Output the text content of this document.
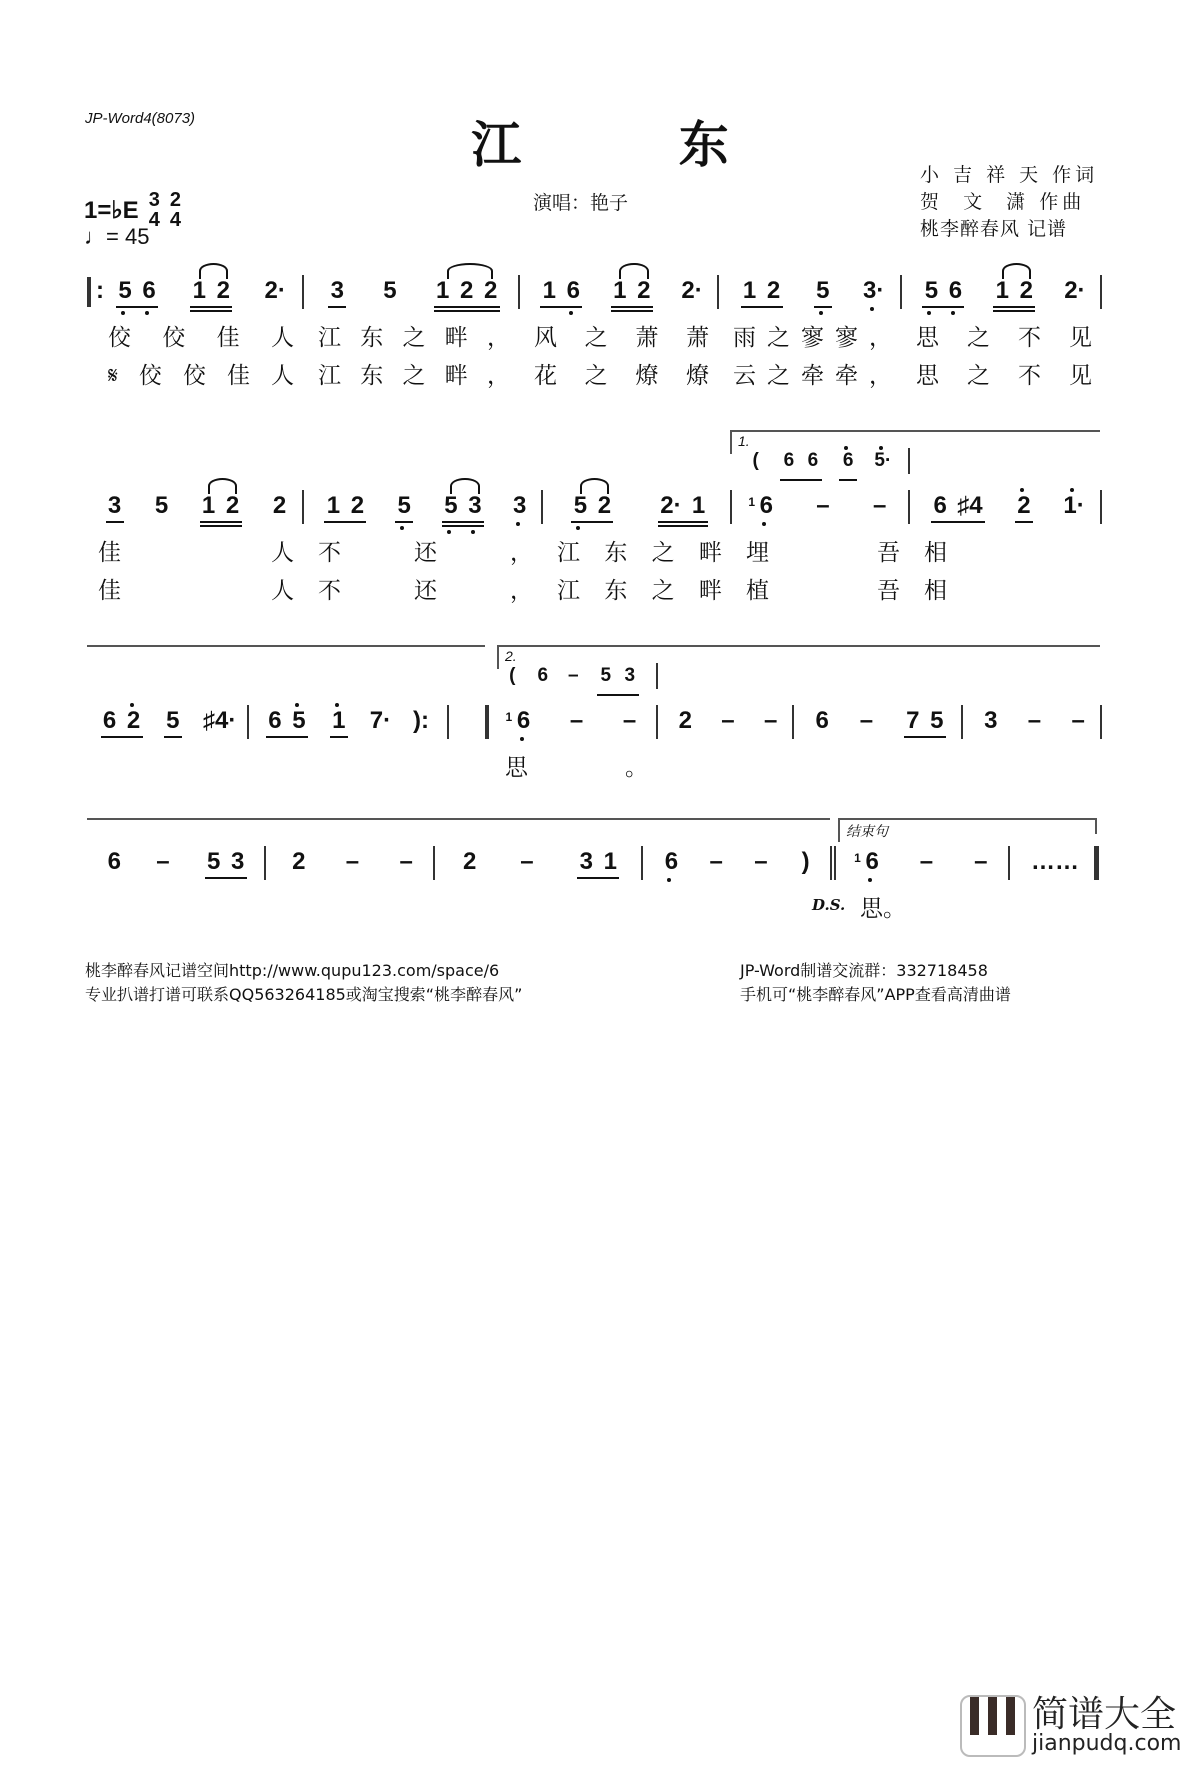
JP-Word4(8073)	江 东
演唱：艳子
小 吉 祥 天 作词
贺  文  潇 作曲
桃李醉春风 记谱
1=♭E 3
4
2
4
♩= 45
: 5 6 1 2 2·
佼佼佳人
𝄋佼佼佳人
3 5 1 2 2
江东之畔，
江东之畔，
1 6 1 2 2·
风之萧萧
花之燎燎
1 2 5 3·
雨之寥寥，
云之牵牵，
5 6 1 2 2·
思之不见
思之不见
3 5 1 2 2
佳人
佳人
1 2 5 5 3 3
不还，
不还，
5 2 2· 1
江东之畔
江东之畔
6
1	– –
埋吾
植吾
6 ♯4 2 1·
相
相
( 6 6 6 5·
1.
6 2 5 ♯4· 6 5 1 7· ):	6
1 – –
思。
2 – – 6 – 7 5 3 – –
( 6 – 5 3
2.
6 – 5 3 2 – – 2 – 3 1 6 – – ) 6
1 – – ……
D.S. 思。
结束句
桃李醉春风记谱空间http://www.qupu123.com/space/6
专业扒谱打谱可联系QQ563264185或淘宝搜索“桃李醉春风”
JP-Word制谱交流群：332718458
手机可“桃李醉春风”APP查看高清曲谱
简谱大全
jianpudq.com
